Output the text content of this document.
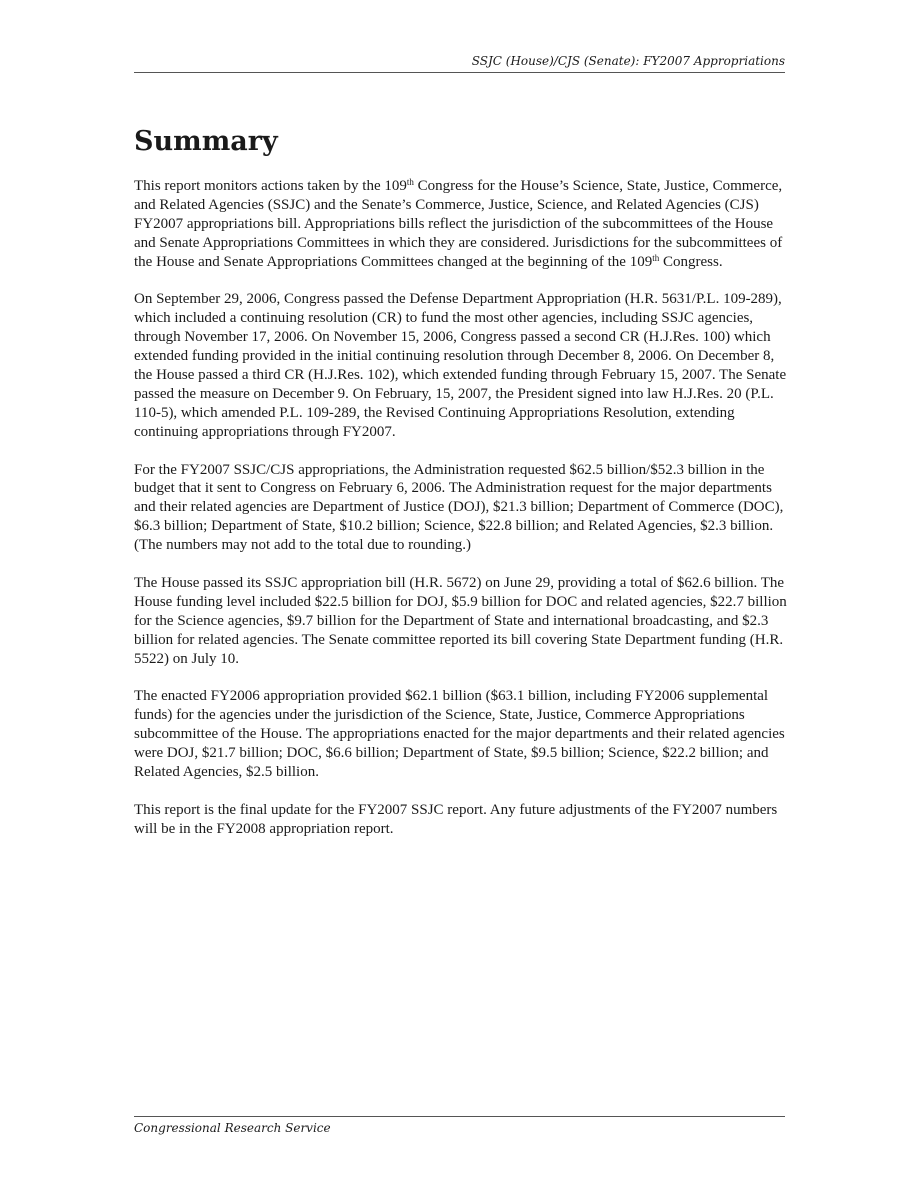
SSJC (House)/CJS (Senate): FY2007 Appropriations
Summary

This report monitors actions taken by the 109th Congress for the House’s Science, State, Justice, Commerce, and Related Agencies (SSJC) and the Senate’s Commerce, Justice, Science, and Related Agencies (CJS) FY2007 appropriations bill. Appropriations bills reflect the jurisdiction of the subcommittees of the House and Senate Appropriations Committees in which they are considered. Jurisdictions for the subcommittees of the House and Senate Appropriations Committees changed at the beginning of the 109th Congress.

On September 29, 2006, Congress passed the Defense Department Appropriation (H.R. 5631/P.L. 109-289), which included a continuing resolution (CR) to fund the most other agencies, including SSJC agencies, through November 17, 2006. On November 15, 2006, Congress passed a second CR (H.J.Res. 100) which extended funding provided in the initial continuing resolution through December 8, 2006. On December 8, the House passed a third CR (H.J.Res. 102), which extended funding through February 15, 2007. The Senate passed the measure on December 9. On February, 15, 2007, the President signed into law H.J.Res. 20 (P.L. 110-5), which amended P.L. 109-289, the Revised Continuing Appropriations Resolution, extending continuing appropriations through FY2007.

For the FY2007 SSJC/CJS appropriations, the Administration requested $62.5 billion/$52.3 billion in the budget that it sent to Congress on February 6, 2006. The Administration request for the major departments and their related agencies are Department of Justice (DOJ), $21.3 billion; Department of Commerce (DOC), $6.3 billion; Department of State, $10.2 billion; Science, $22.8 billion; and Related Agencies, $2.3 billion. (The numbers may not add to the total due to rounding.)

The House passed its SSJC appropriation bill (H.R. 5672) on June 29, providing a total of $62.6 billion. The House funding level included $22.5 billion for DOJ, $5.9 billion for DOC and related agencies, $22.7 billion for the Science agencies, $9.7 billion for the Department of State and international broadcasting, and $2.3 billion for related agencies. The Senate committee reported its bill covering State Department funding (H.R. 5522) on July 10.

The enacted FY2006 appropriation provided $62.1 billion ($63.1 billion, including FY2006 supplemental funds) for the agencies under the jurisdiction of the Science, State, Justice, Commerce Appropriations subcommittee of the House. The appropriations enacted for the major departments and their related agencies were DOJ, $21.7 billion; DOC, $6.6 billion; Department of State, $9.5 billion; Science, $22.2 billion; and Related Agencies, $2.5 billion.

This report is the final update for the FY2007 SSJC report. Any future adjustments of the FY2007 numbers will be in the FY2008 appropriation report.

Congressional Research Service
